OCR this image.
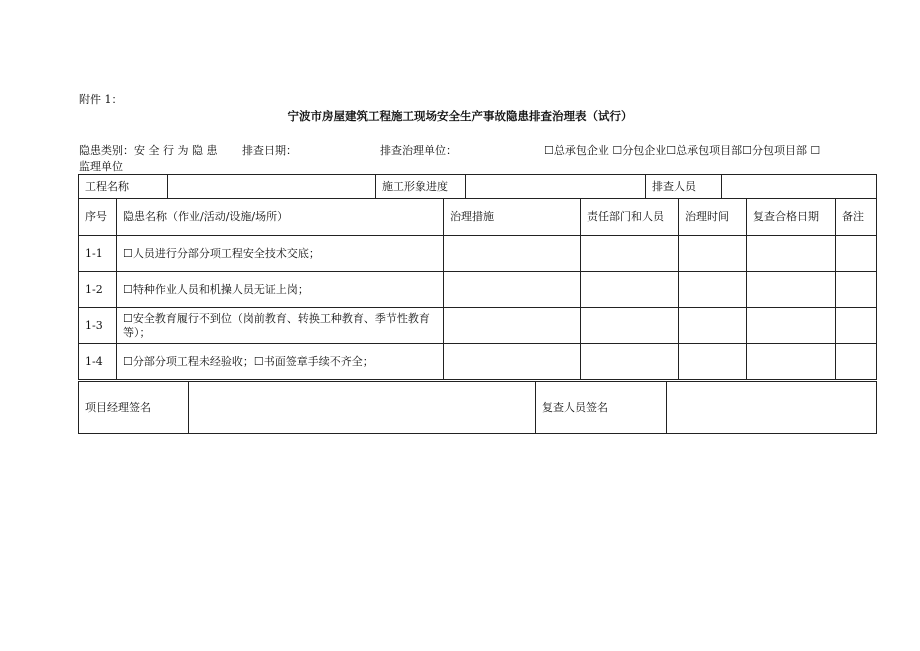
附件 1：
宁波市房屋建筑工程施工现场安全生产事故隐患排查治理表（试行）
隐患类别：安 全 行 为 隐 患 排查日期：	排查治理单位：	☐总承包企业 ☐分包企业☐总承包项目部☐分包项目部 ☐
监理单位
工程名称		施工形象进度		排查人员	
序号	隐患名称（作业/活动/设施/场所）	治理措施	责任部门和人员	治理时间	复查合格日期	备注
1-1	☐人员进行分部分项工程安全技术交底；					
1-2	☐特种作业人员和机操人员无证上岗；					
1-3	☐安全教育履行不到位（岗前教育、转换工种教育、季节性教育等）；					
1-4	☐分部分项工程未经验收；☐书面签章手续不齐全；					
项目经理签名		复查人员签名	
